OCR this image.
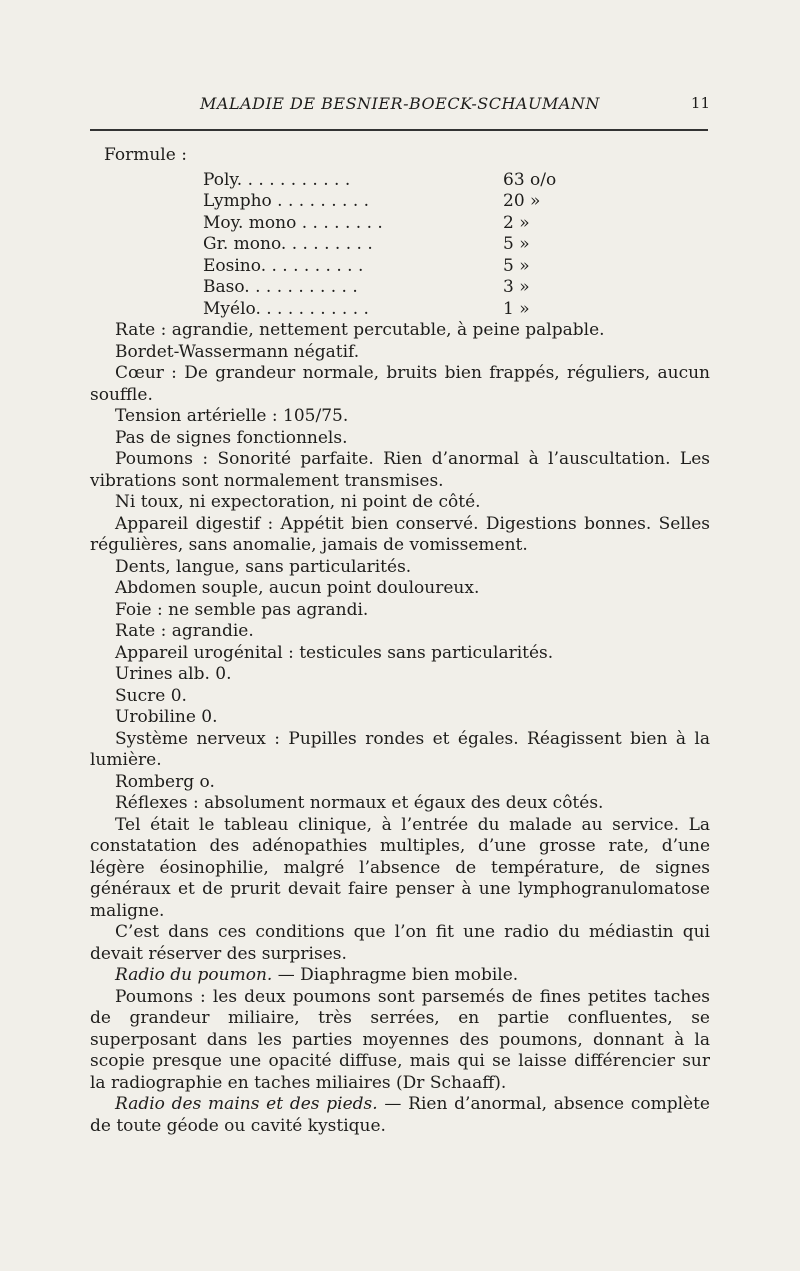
MALADIE DE BESNIER-BOECK-SCHAUMANN	11
Formule :
Poly. . . . . . . . . . .	63 o/o
Lympho . . . . . . . . .	20 »
Moy. mono . . . . . . . .	2 »
Gr. mono. . . . . . . . .	5 »
Eosino. . . . . . . . . .	5 »
Baso. . . . . . . . . . .	3 »
Myélo. . . . . . . . . . .	1 »

Rate : agrandie, nettement percutable, à peine palpable.

Bordet-Wassermann négatif.

Cœur : De grandeur normale, bruits bien frappés, réguliers, aucun souffle.

Tension artérielle : 105/75.

Pas de signes fonctionnels.

Poumons : Sonorité parfaite. Rien d’anormal à l’auscultation. Les vibrations sont normalement transmises.

Ni toux, ni expectoration, ni point de côté.

Appareil digestif : Appétit bien conservé. Digestions bonnes. Selles régulières, sans anomalie, jamais de vomissement.

Dents, langue, sans particularités.

Abdomen souple, aucun point douloureux.

Foie : ne semble pas agrandi.

Rate : agrandie.

Appareil urogénital : testicules sans particularités.

Urines alb. 0.

Sucre 0.

Urobiline 0.

Système nerveux : Pupilles rondes et égales. Réagissent bien à la lumière.

Romberg o.

Réflexes : absolument normaux et égaux des deux côtés.

Tel était le tableau clinique, à l’entrée du malade au service. La constatation des adénopathies multiples, d’une grosse rate, d’une légère éosinophilie, malgré l’absence de température, de signes généraux et de prurit devait faire penser à une lymphogranulomatose maligne.

C’est dans ces conditions que l’on fit une radio du médiastin qui devait réserver des surprises.

Radio du poumon. — Diaphragme bien mobile.

Poumons : les deux poumons sont parsemés de fines petites taches de grandeur miliaire, très serrées, en partie confluentes, se superposant dans les parties moyennes des poumons, donnant à la scopie presque une opacité diffuse, mais qui se laisse différencier sur la radiographie en taches miliaires (Dr Schaaff).

Radio des mains et des pieds. — Rien d’anormal, absence complète de toute géode ou cavité kystique.
